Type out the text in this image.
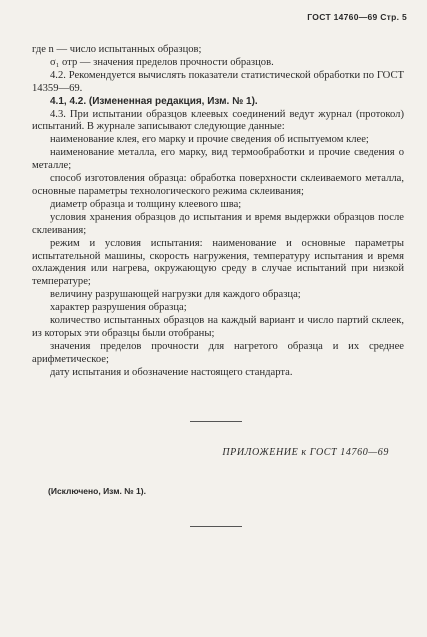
ГОСТ 14760—69 Стр. 5

где n — число испытанных образцов;

σ₁ отр — значения пределов прочности образцов.

4.2. Рекомендуется вычислять показатели статистической обработки по ГОСТ 14359—69.

4.1, 4.2. (Измененная редакция, Изм. № 1).

4.3. При испытании образцов клеевых соединений ведут журнал (протокол) испытаний. В журнале записывают следующие данные:

наименование клея, его марку и прочие сведения об испытуемом клее;

наименование металла, его марку, вид термообработки и прочие сведения о металле;

способ изготовления образца: обработка поверхности склеиваемого металла, основные параметры технологического режима склеивания;

диаметр образца и толщину клеевого шва;

условия хранения образцов до испытания и время выдержки образцов после склеивания;

режим и условия испытания: наименование и основные параметры испытательной машины, скорость нагружения, температуру испытания и время охлаждения или нагрева, окружающую среду в случае испытаний при низкой температуре;

величину разрушающей нагрузки для каждого образца;

характер разрушения образца;

количество испытанных образцов на каждый вариант и число партий склеек, из которых эти образцы были отобраны;

значения пределов прочности для нагретого образца и их среднее арифметическое;

дату испытания и обозначение настоящего стандарта.

ПРИЛОЖЕНИЕ к ГОСТ 14760—69
(Исключено, Изм. № 1).
